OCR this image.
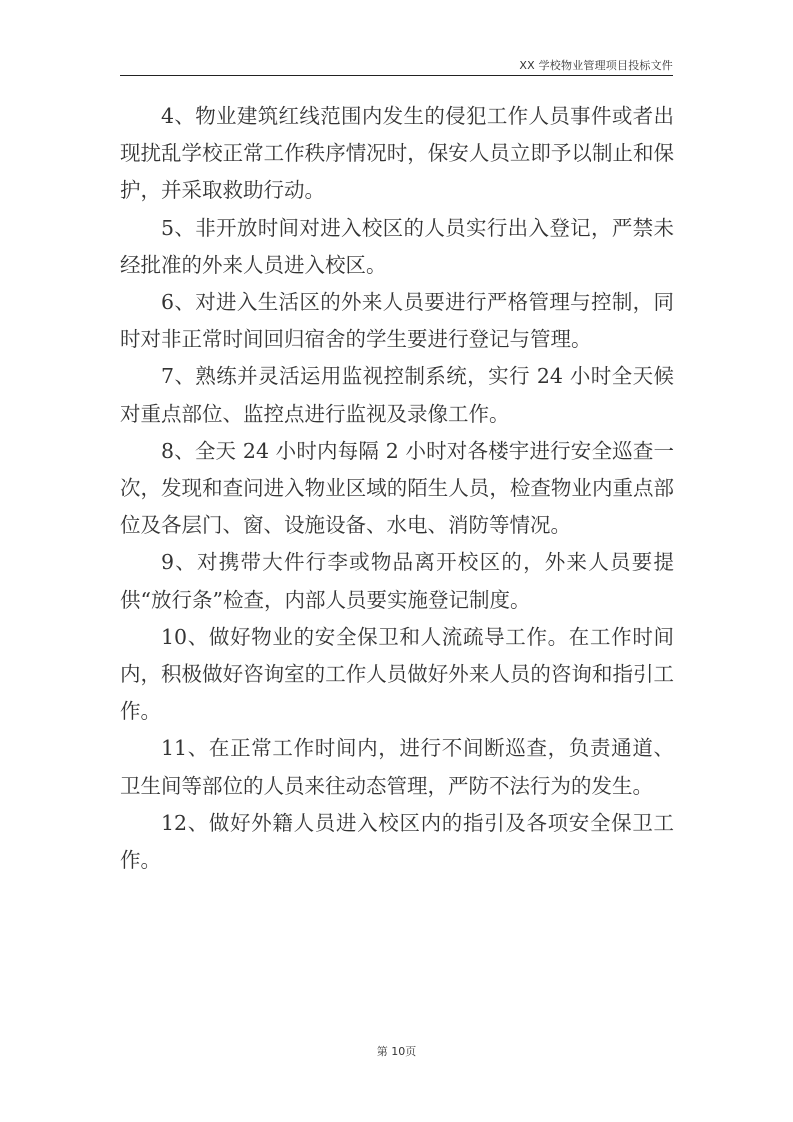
XX 学校物业管理项目投标文件

4、物业建筑红线范围内发生的侵犯工作人员事件或者出现扰乱学校正常工作秩序情况时，保安人员立即予以制止和保护，并采取救助行动。

5、非开放时间对进入校区的人员实行出入登记，严禁未经批准的外来人员进入校区。

6、对进入生活区的外来人员要进行严格管理与控制，同时对非正常时间回归宿舍的学生要进行登记与管理。

7、熟练并灵活运用监视控制系统，实行 24 小时全天候对重点部位、监控点进行监视及录像工作。

8、全天 24 小时内每隔 2 小时对各楼宇进行安全巡查一次，发现和查问进入物业区域的陌生人员，检查物业内重点部位及各层门、窗、设施设备、水电、消防等情况。

9、对携带大件行李或物品离开校区的，外来人员要提供“放行条”检查，内部人员要实施登记制度。

10、做好物业的安全保卫和人流疏导工作。在工作时间内，积极做好咨询室的工作人员做好外来人员的咨询和指引工作。

11、在正常工作时间内，进行不间断巡查，负责通道、卫生间等部位的人员来往动态管理，严防不法行为的发生。

12、做好外籍人员进入校区内的指引及各项安全保卫工作。

第 10页
